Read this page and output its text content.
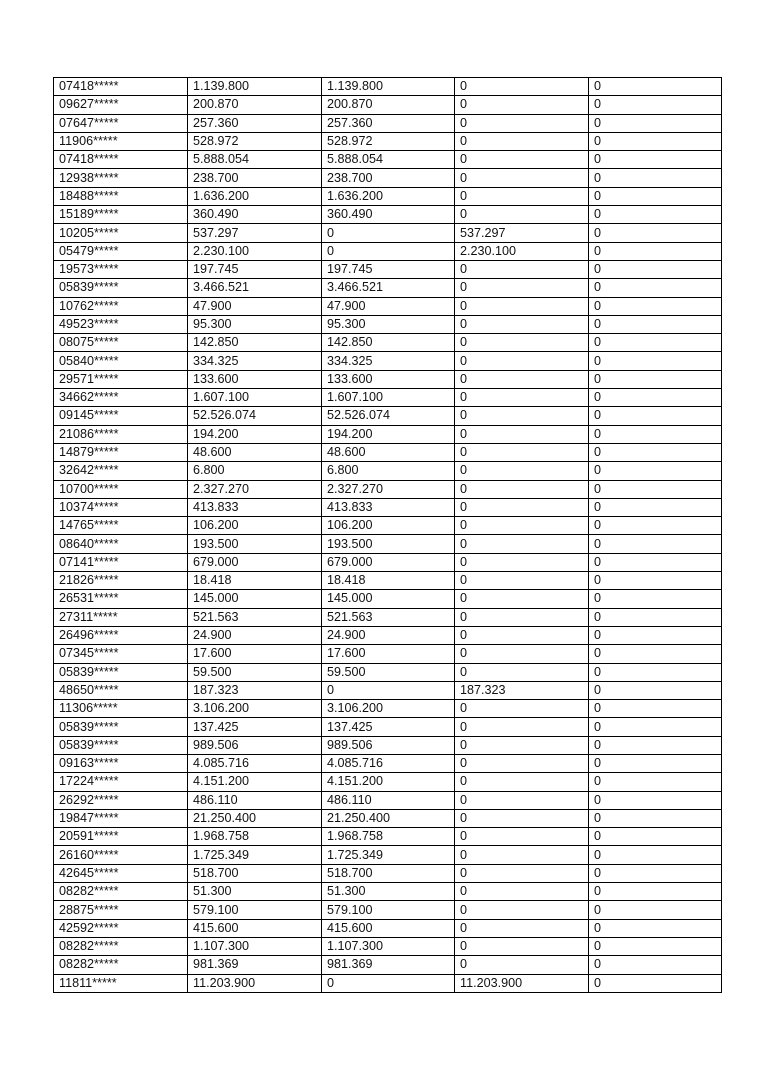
07418*****	1.139.800	1.139.800	0	0
09627*****	200.870	200.870	0	0
07647*****	257.360	257.360	0	0
11906*****	528.972	528.972	0	0
07418*****	5.888.054	5.888.054	0	0
12938*****	238.700	238.700	0	0
18488*****	1.636.200	1.636.200	0	0
15189*****	360.490	360.490	0	0
10205*****	537.297	0	537.297	0
05479*****	2.230.100	0	2.230.100	0
19573*****	197.745	197.745	0	0
05839*****	3.466.521	3.466.521	0	0
10762*****	47.900	47.900	0	0
49523*****	95.300	95.300	0	0
08075*****	142.850	142.850	0	0
05840*****	334.325	334.325	0	0
29571*****	133.600	133.600	0	0
34662*****	1.607.100	1.607.100	0	0
09145*****	52.526.074	52.526.074	0	0
21086*****	194.200	194.200	0	0
14879*****	48.600	48.600	0	0
32642*****	6.800	6.800	0	0
10700*****	2.327.270	2.327.270	0	0
10374*****	413.833	413.833	0	0
14765*****	106.200	106.200	0	0
08640*****	193.500	193.500	0	0
07141*****	679.000	679.000	0	0
21826*****	18.418	18.418	0	0
26531*****	145.000	145.000	0	0
27311*****	521.563	521.563	0	0
26496*****	24.900	24.900	0	0
07345*****	17.600	17.600	0	0
05839*****	59.500	59.500	0	0
48650*****	187.323	0	187.323	0
11306*****	3.106.200	3.106.200	0	0
05839*****	137.425	137.425	0	0
05839*****	989.506	989.506	0	0
09163*****	4.085.716	4.085.716	0	0
17224*****	4.151.200	4.151.200	0	0
26292*****	486.110	486.110	0	0
19847*****	21.250.400	21.250.400	0	0
20591*****	1.968.758	1.968.758	0	0
26160*****	1.725.349	1.725.349	0	0
42645*****	518.700	518.700	0	0
08282*****	51.300	51.300	0	0
28875*****	579.100	579.100	0	0
42592*****	415.600	415.600	0	0
08282*****	1.107.300	1.107.300	0	0
08282*****	981.369	981.369	0	0
11811*****	11.203.900	0	11.203.900	0
